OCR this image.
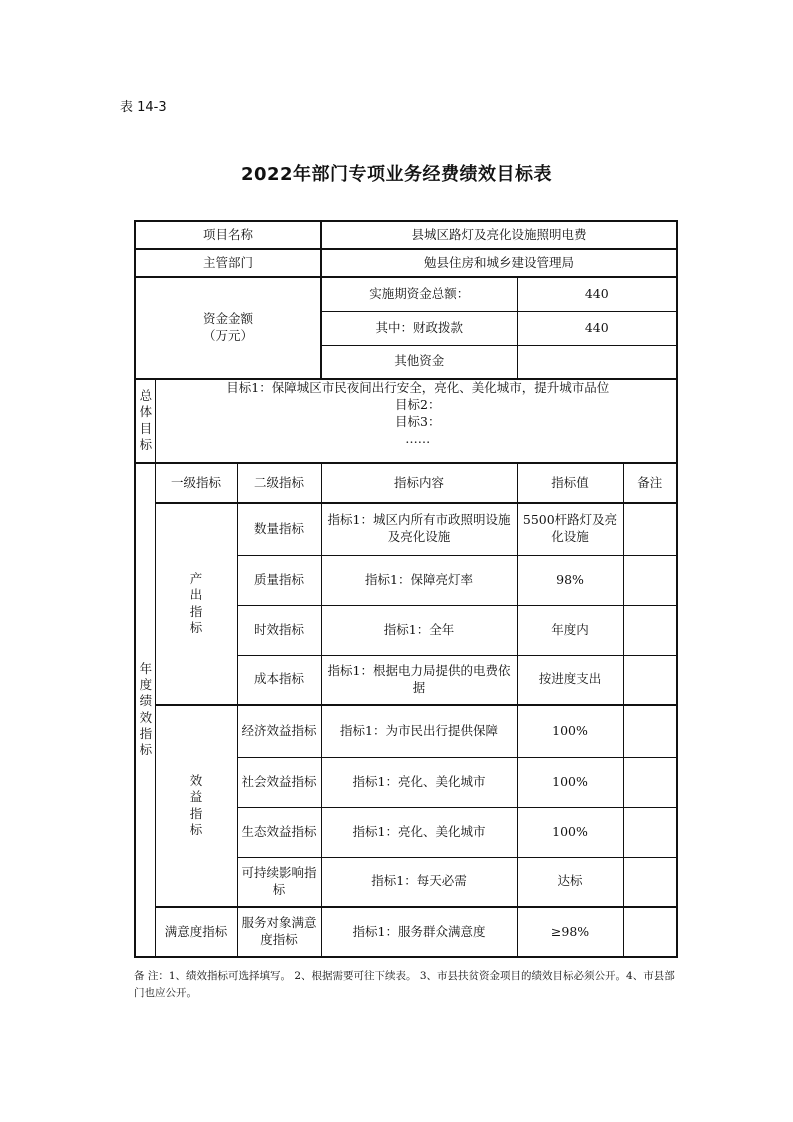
表 14-3
2022年部门专项业务经费绩效目标表
项目名称			县城区路灯及亮化设施照明电费		
主管部门			勉县住房和城乡建设管理局		

资金金额
（万元）			实施期资金总额：	440	
			其中：财政拨款	440	
			其他资金		
总体目标	目标1：保障城区市民夜间出行安全，亮化、美化城市，提升城市品位
目标2：
目标3：
……				

年度绩效指标	一级指标	二级指标	指标内容	指标值	备注
	产出指标	数量指标	指标1：城区内所有市政照明设施及亮化设施	5500杆路灯及亮化设施	
		质量指标	指标1：保障亮灯率	98%	
		时效指标	指标1：全年	年度内	
		成本指标	指标1：根据电力局提供的电费依据	按进度支出	
	效益指标	经济效益指标	指标1：为市民出行提供保障	100%	
		社会效益指标	指标1：亮化、美化城市	100%	
		生态效益指标	指标1：亮化、美化城市	100%	
		可持续影响指标	指标1：每天必需	达标	
	满意度指标	服务对象满意度指标	指标1：服务群众满意度	≥98%	
备 注：1、绩效指标可选择填写。 2、根据需要可往下续表。 3、市县扶贫资金项目的绩效目标必须公开。4、市县部门也应公开。
